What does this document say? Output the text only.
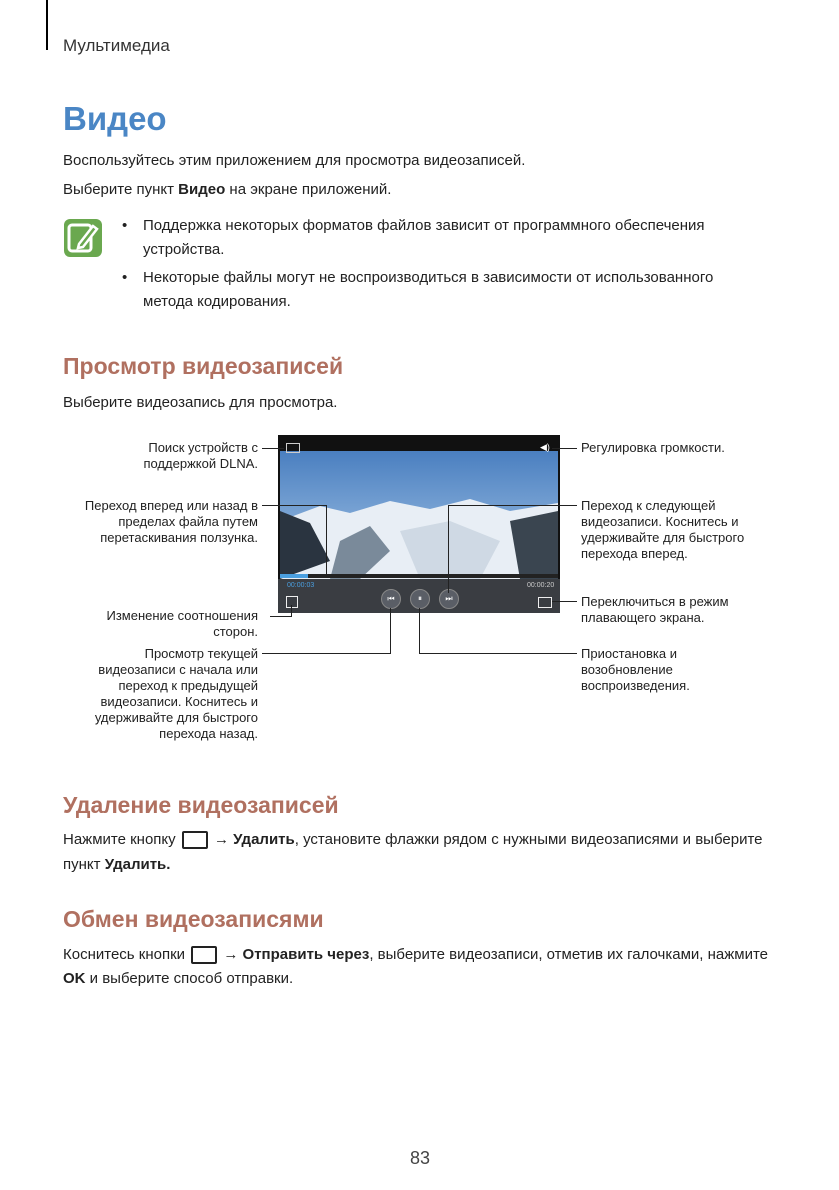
Мультимедиа
Видео
Воспользуйтесь этим приложением для просмотра видеозаписей.
Выберите пункт Видео на экране приложений.
• Поддержка некоторых форматов файлов зависит от программного обеспечения
устройства.
• Некоторые файлы могут не воспроизводиться в зависимости от использованного
метода кодирования.
Просмотр видеозаписей
Выберите видеозапись для просмотра.
◀)
00:00:03	00:00:20
⏮	⏸	⏭
Поиск устройств с
поддержкой DLNA.
Переход вперед или назад в
пределах файла путем
перетаскивания ползунка.
Изменение соотношения
сторон.
Просмотр текущей
видеозаписи с начала или
переход к предыдущей
видеозаписи. Коснитесь и
удерживайте для быстрого
перехода назад.
Регулировка громкости.
Переход к следующей
видеозаписи. Коснитесь и
удерживайте для быстрого
перехода вперед.
Переключиться в режим
плавающего экрана.
Приостановка и
возобновление
воспроизведения.
Удаление видеозаписей
Нажмите кнопку  → Удалить, установите флажки рядом с нужными видеозаписями и выберите
пункт Удалить.
Обмен видеозаписями
Коснитесь кнопки  → Отправить через, выберите видеозаписи, отметив их галочками, нажмите
OK и выберите способ отправки.
83
